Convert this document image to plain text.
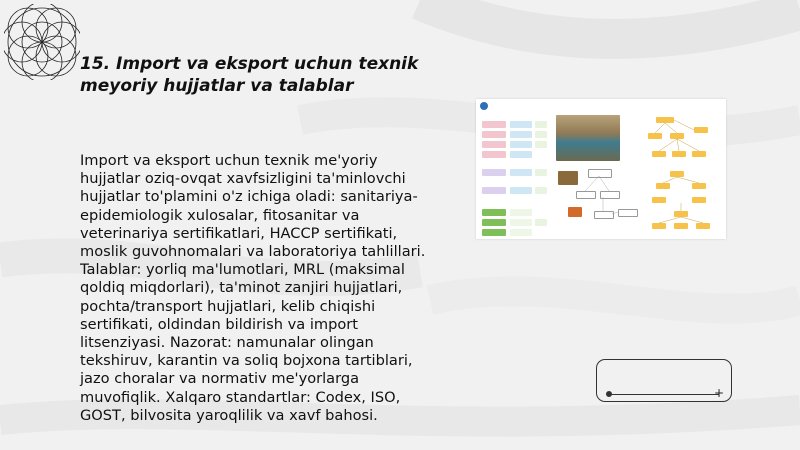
15. Import va eksport uchun texnik
meyoriy hujjatlar va talablar

Import va eksport uchun texnik me'yoriy hujjatlar oziq-ovqat xavfsizligini ta'minlovchi hujjatlar to'plamini o'z ichiga oladi: sanitariya-epidemiologik xulosalar, fitosanitar va veterinariya sertifikatlari, HACCP sertifikati, moslik guvohnomalari va laboratoriya tahlillari. Talablar: yorliq ma'lumotlari, MRL (maksimal qoldiq miqdorlari), ta'minot zanjiri hujjatlari, pochta/transport hujjatlari, kelib chiqishi sertifikati, oldindan bildirish va import litsenziyasi. Nazorat: namunalar olingan tekshiruv, karantin va soliq bojxona tartiblari, jazo choralar va normativ me'yorlarga muvofiqlik. Xalqaro standartlar: Codex, ISO, GOST, bilvosita yaroqlilik va xavf bahosi.

+
